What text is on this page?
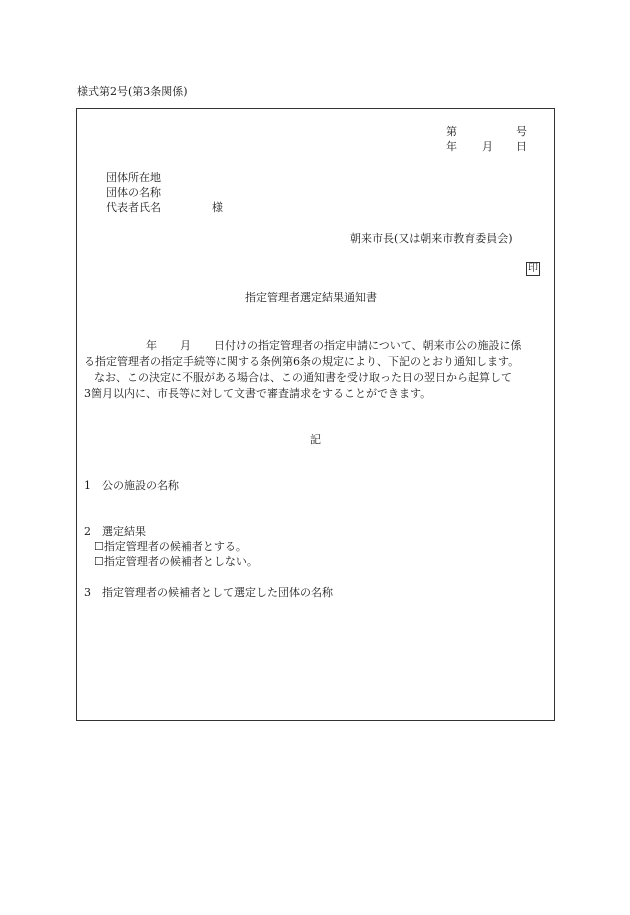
様式第2号(第3条関係)
第	号
年 月 日
団体所在地
団体の名称
代表者氏名	様
朝来市長(又は朝来市教育委員会)
印
指定管理者選定結果通知書
年 月 日付けの指定管理者の指定申請について、朝来市公の施設に係
る指定管理者の指定手続等に関する条例第6条の規定により、下記のとおり通知します。
なお、この決定に不服がある場合は、この通知書を受け取った日の翌日から起算して
3箇月以内に、市長等に対して文書で審査請求をすることができます。
記
1　公の施設の名称
2　選定結果
☐指定管理者の候補者とする。
☐指定管理者の候補者としない。
3　指定管理者の候補者として選定した団体の名称
